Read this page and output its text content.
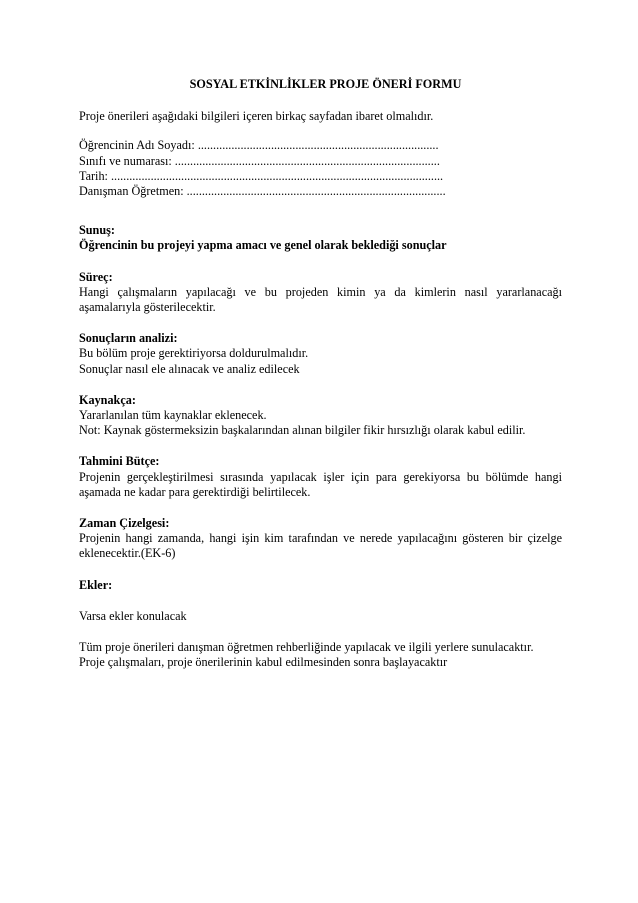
SOSYAL ETKİNLİKLER PROJE ÖNERİ FORMU

Proje önerileri aşağıdaki bilgileri içeren birkaç sayfadan ibaret olmalıdır.

Öğrencinin Adı Soyadı: ...............................................................................

Sınıfı ve numarası: .......................................................................................

Tarih: .............................................................................................................

Danışman Öğretmen: .....................................................................................

Sunuş:

Öğrencinin bu projeyi yapma amacı ve genel olarak beklediği sonuçlar

Süreç:

Hangi çalışmaların yapılacağı ve bu projeden kimin ya da kimlerin nasıl yararlanacağı aşamalarıyla gösterilecektir.

Sonuçların analizi:

Bu bölüm proje gerektiriyorsa doldurulmalıdır.

Sonuçlar nasıl ele alınacak ve analiz edilecek

Kaynakça:

Yararlanılan tüm kaynaklar eklenecek.

Not: Kaynak göstermeksizin başkalarından alınan bilgiler fikir hırsızlığı olarak kabul edilir.

Tahmini Bütçe:

Projenin gerçekleştirilmesi sırasında yapılacak işler için para gerekiyorsa bu bölümde hangi aşamada ne kadar para gerektirdiği belirtilecek.

Zaman Çizelgesi:

Projenin hangi zamanda, hangi işin kim tarafından ve nerede yapılacağını gösteren bir çizelge eklenecektir.(EK-6)

Ekler:

Varsa ekler konulacak

Tüm proje önerileri danışman öğretmen rehberliğinde yapılacak ve ilgili yerlere sunulacaktır. Proje çalışmaları, proje önerilerinin kabul edilmesinden sonra başlayacaktır
